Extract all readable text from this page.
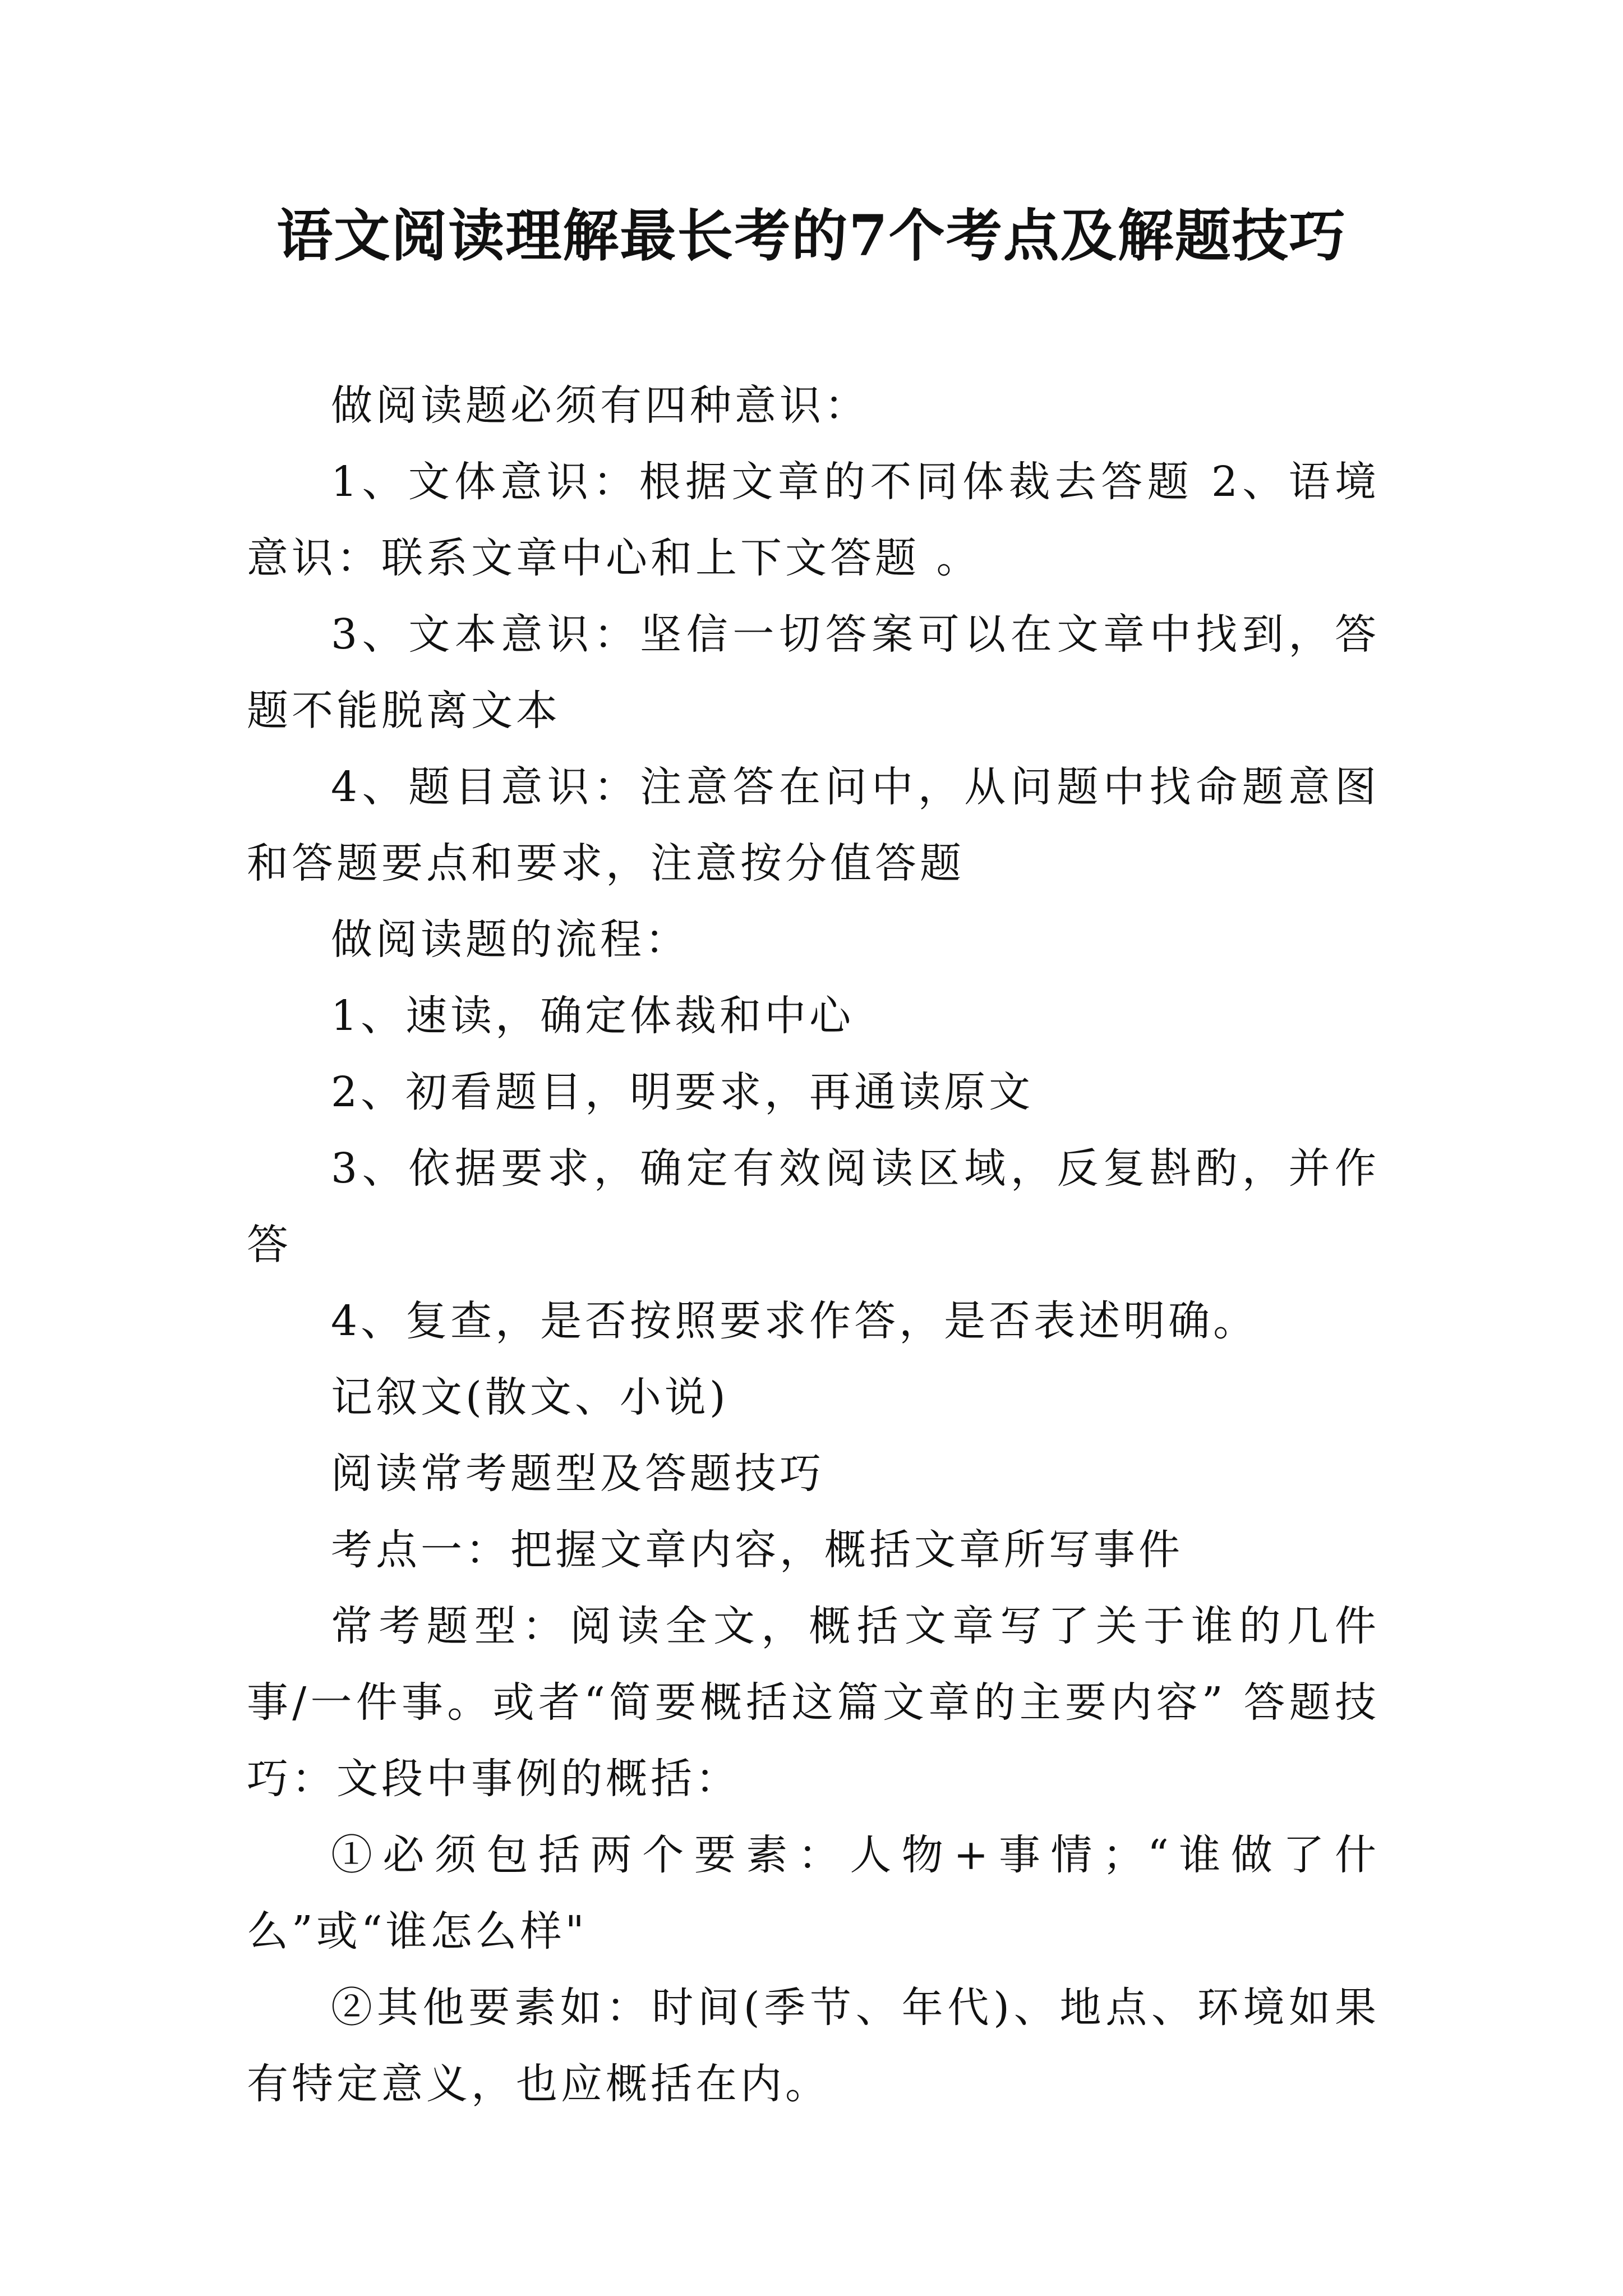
语文阅读理解最长考的7个考点及解题技巧

做阅读题必须有四种意识：

1、文体意识：根据文章的不同体裁去答题 2、语境意识：联系文章中心和上下文答题 。

3、文本意识：坚信一切答案可以在文章中找到，答题不能脱离文本

4、题目意识：注意答在问中，从问题中找命题意图和答题要点和要求，注意按分值答题

做阅读题的流程：

1、速读，确定体裁和中心

2、初看题目，明要求，再通读原文

3、依据要求，确定有效阅读区域，反复斟酌，并作答

4、复查，是否按照要求作答，是否表述明确。

记叙文(散文、小说)

阅读常考题型及答题技巧

考点一：把握文章内容，概括文章所写事件

常考题型：阅读全文，概括文章写了关于谁的几件事/一件事。或者“简要概括这篇文章的主要内容” 答题技巧：文段中事例的概括：

①必须包括两个要素：人物+事情；“谁做了什么”或“谁怎么样"

②其他要素如：时间(季节、年代)、地点、环境如果有特定意义，也应概括在内。
